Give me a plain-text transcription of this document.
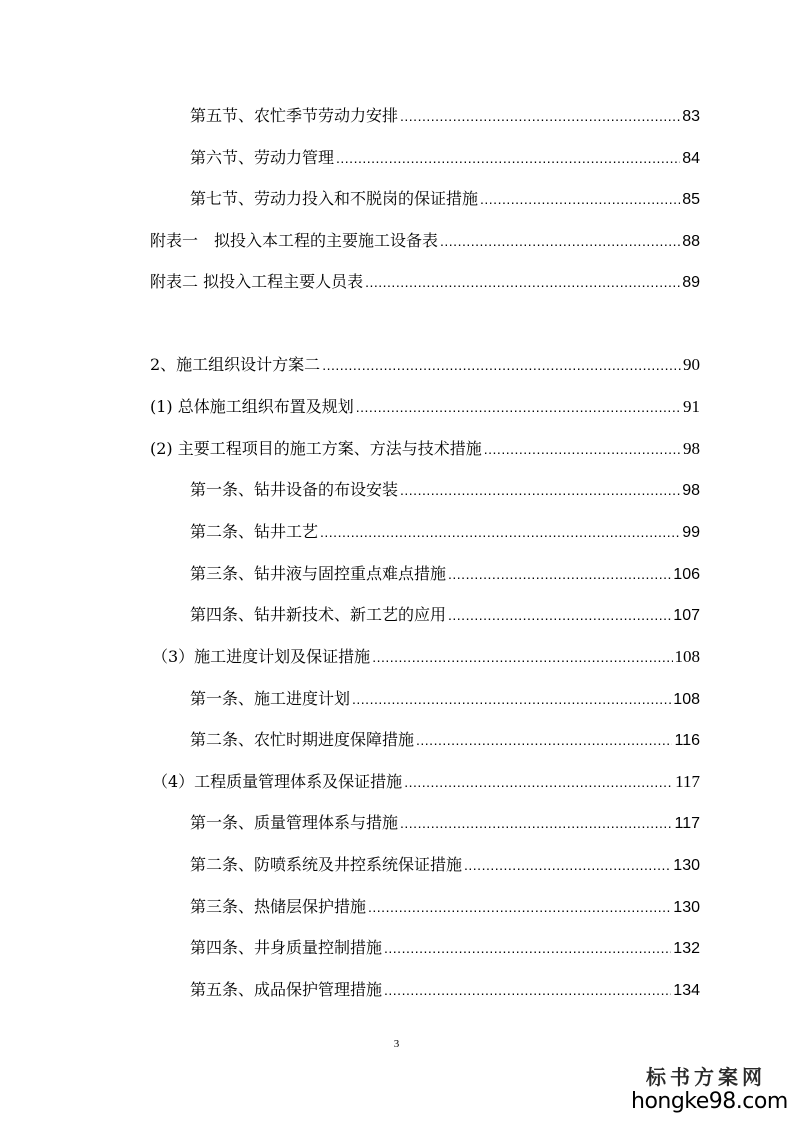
第五节、农忙季节劳动力安排 .....	83
第六节、劳动力管理 .....	84
第七节、劳动力投入和不脱岗的保证措施 .....	85
附表一　拟投入本工程的主要施工设备表 .....	88
附表二 拟投入工程主要人员表 .....	89
2、施工组织设计方案二 .....	90
(1) 总体施工组织布置及规划 .....	91
(2) 主要工程项目的施工方案、方法与技术措施 .....	98
第一条、钻井设备的布设安装 .....	98
第二条、钻井工艺 .....	99
第三条、钻井液与固控重点难点措施 .....	106
第四条、钻井新技术、新工艺的应用 .....	107
（3）施工进度计划及保证措施 .....	108
第一条、施工进度计划 .....	108
第二条、农忙时期进度保障措施 .....	116
（4）工程质量管理体系及保证措施 .....	117
第一条、质量管理体系与措施 .....	117
第二条、防喷系统及井控系统保证措施 .....	130
第三条、热储层保护措施 .....	130
第四条、井身质量控制措施 .....	132
第五条、成品保护管理措施 .....	134
3
标书方案网
hongke98.com
